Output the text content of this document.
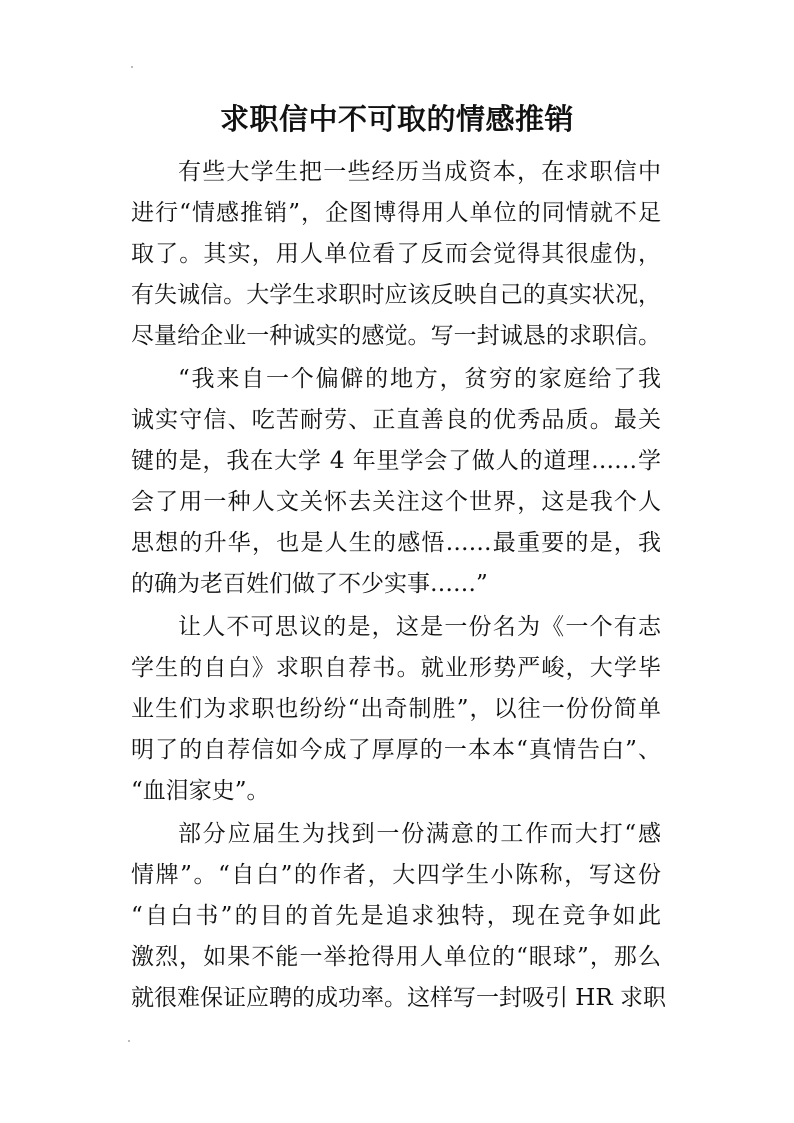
求职信中不可取的情感推销
有些大学生把一些经历当成资本，在求职信中
进行“情感推销”，企图博得用人单位的同情就不足
取了。其实，用人单位看了反而会觉得其很虚伪，
有失诚信。大学生求职时应该反映自己的真实状况，
尽量给企业一种诚实的感觉。写一封诚恳的求职信。
“我来自一个偏僻的地方，贫穷的家庭给了我
诚实守信、吃苦耐劳、正直善良的优秀品质。最关
键的是，我在大学 4 年里学会了做人的道理……学
会了用一种人文关怀去关注这个世界，这是我个人
思想的升华，也是人生的感悟……最重要的是，我
的确为老百姓们做了不少实事……”
让人不可思议的是，这是一份名为《一个有志
学生的自白》求职自荐书。就业形势严峻，大学毕
业生们为求职也纷纷“出奇制胜”，以往一份份简单
明了的自荐信如今成了厚厚的一本本“真情告白”、
“血泪家史”。
部分应届生为找到一份满意的工作而大打“感
情牌”。“自白”的作者，大四学生小陈称，写这份
“自白书”的目的首先是追求独特，现在竞争如此
激烈，如果不能一举抢得用人单位的“眼球”，那么
就很难保证应聘的成功率。这样写一封吸引 HR 求职
